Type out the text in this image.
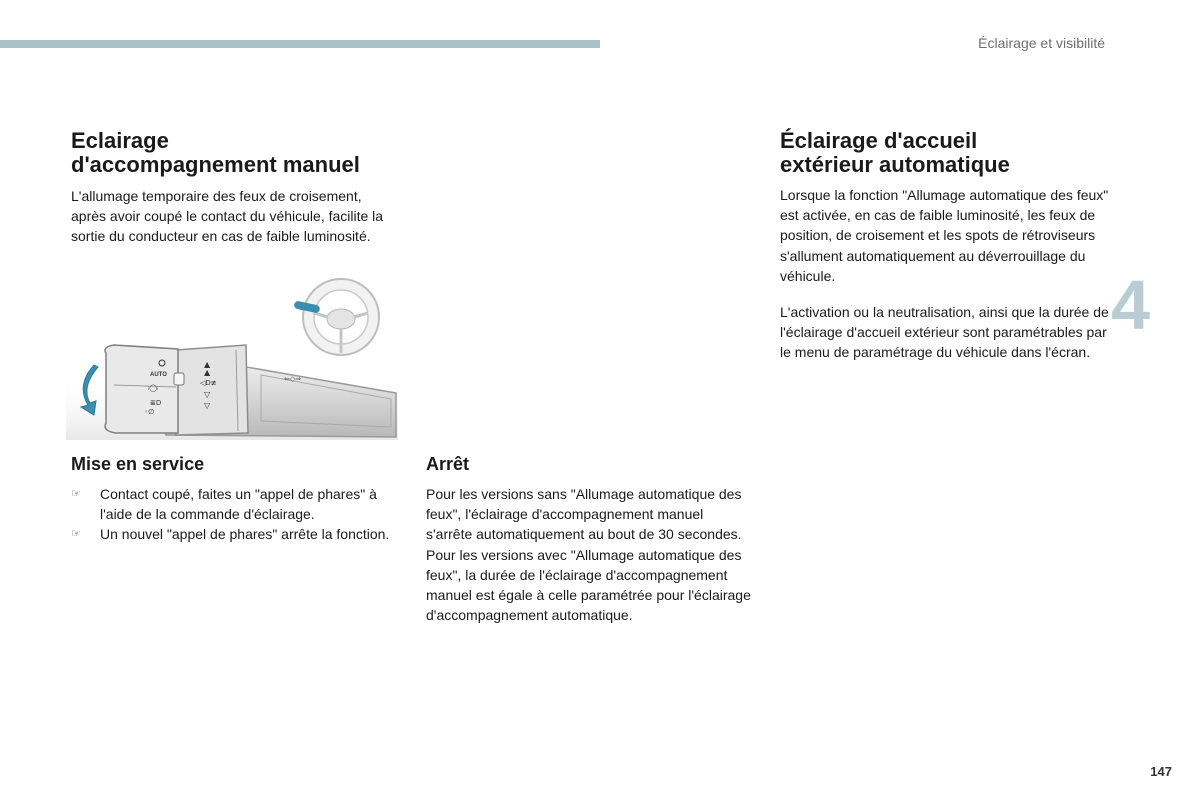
Éclairage et visibilité
4
Eclairage
d'accompagnement manuel

L'allumage temporaire des feux de croisement, après avoir coupé le contact du véhicule, facilite la sortie du conducteur en cas de faible luminosité.

AUTO
ᵢ◯ᵢ
≣D
◦∅
▲
▲
◁D≢
▽
▽
⇐◇⇒
Mise en service
☞ Contact coupé, faites un "appel de phares" à l'aide de la commande d'éclairage.
☞ Un nouvel "appel de phares" arrête la fonction.
Arrêt

Pour les versions sans "Allumage automatique des feux", l'éclairage d'accompagnement manuel s'arrête automatiquement au bout de 30 secondes.

Pour les versions avec "Allumage automatique des feux", la durée de l'éclairage d'accompagnement manuel est égale à celle paramétrée pour l'éclairage d'accompagnement automatique.

Éclairage d'accueil
extérieur automatique

Lorsque la fonction "Allumage automatique des feux" est activée, en cas de faible luminosité, les feux de position, de croisement et les spots de rétroviseurs s'allument automatiquement au déverrouillage du véhicule.

L'activation ou la neutralisation, ainsi que la durée de l'éclairage d'accueil extérieur sont paramétrables par le menu de paramétrage du véhicule dans l'écran.

147
